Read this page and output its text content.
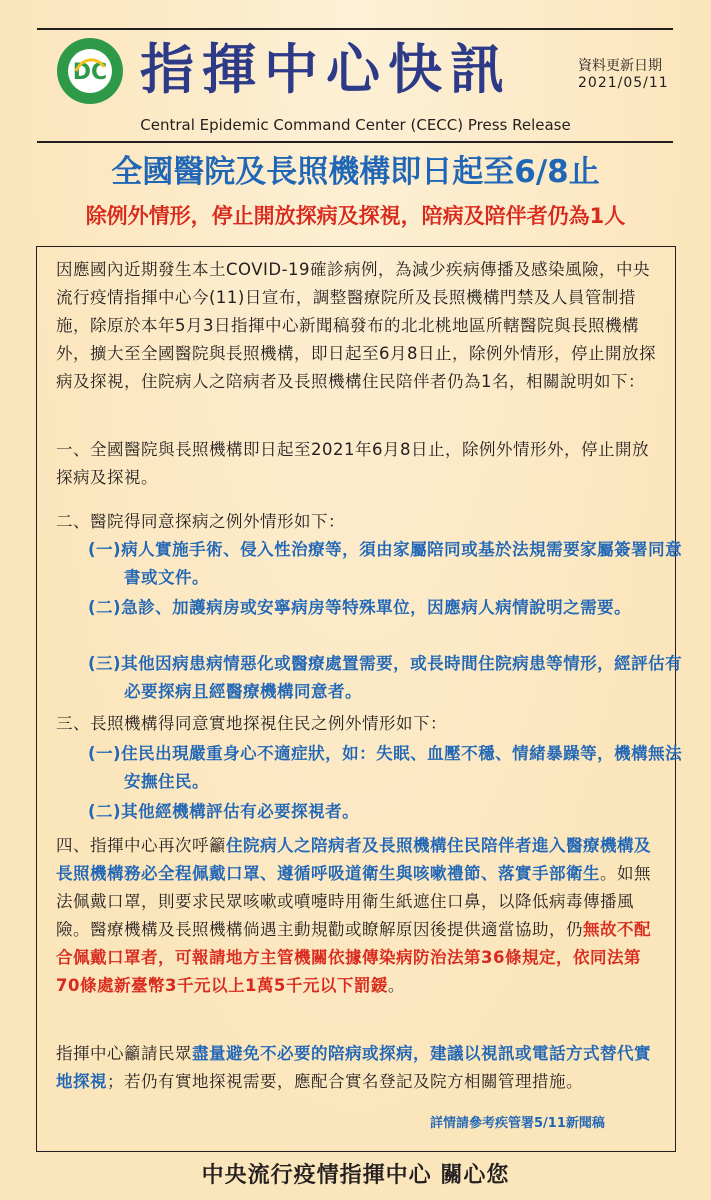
DC 指揮中心快訊	資料更新日期
2021/05/11
Central Epidemic Command Center (CECC) Press Release
全國醫院及長照機構即日起至6/8止
除例外情形，停止開放探病及探視，陪病及陪伴者仍為1人
因應國內近期發生本土COVID-19確診病例，為減少疾病傳播及感染風險，中央流行疫情指揮中心今(11)日宣布，調整醫療院所及長照機構門禁及人員管制措施，除原於本年5月3日指揮中心新聞稿發布的北北桃地區所轄醫院與長照機構外，擴大至全國醫院與長照機構，即日起至6月8日止，除例外情形，停止開放探病及探視，住院病人之陪病者及長照機構住民陪伴者仍為1名，相關說明如下：
一、全國醫院與長照機構即日起至2021年6月8日止，除例外情形外，停止開放探病及探視。
二、醫院得同意探病之例外情形如下：
(一)病人實施手術、侵入性治療等，須由家屬陪同或基於法規需要家屬簽署同意書或文件。
(二)急診、加護病房或安寧病房等特殊單位，因應病人病情說明之需要。
(三)其他因病患病情惡化或醫療處置需要，或長時間住院病患等情形，經評估有必要探病且經醫療機構同意者。
三、長照機構得同意實地探視住民之例外情形如下：
(一)住民出現嚴重身心不適症狀，如：失眠、血壓不穩、情緒暴躁等，機構無法安撫住民。
(二)其他經機構評估有必要探視者。
四、指揮中心再次呼籲住院病人之陪病者及長照機構住民陪伴者進入醫療機構及長照機構務必全程佩戴口罩、遵循呼吸道衛生與咳嗽禮節、落實手部衛生。如無法佩戴口罩，則要求民眾咳嗽或噴嚏時用衛生紙遮住口鼻，以降低病毒傳播風險。醫療機構及長照機構倘遇主動規勸或瞭解原因後提供適當協助，仍無故不配合佩戴口罩者，可報請地方主管機關依據傳染病防治法第36條規定，依同法第70條處新臺幣3千元以上1萬5千元以下罰鍰。
指揮中心籲請民眾盡量避免不必要的陪病或探病，建議以視訊或電話方式替代實地探視；若仍有實地探視需要，應配合實名登記及院方相關管理措施。
詳情請參考疾管署5/11新聞稿
中央流行疫情指揮中心 關心您
